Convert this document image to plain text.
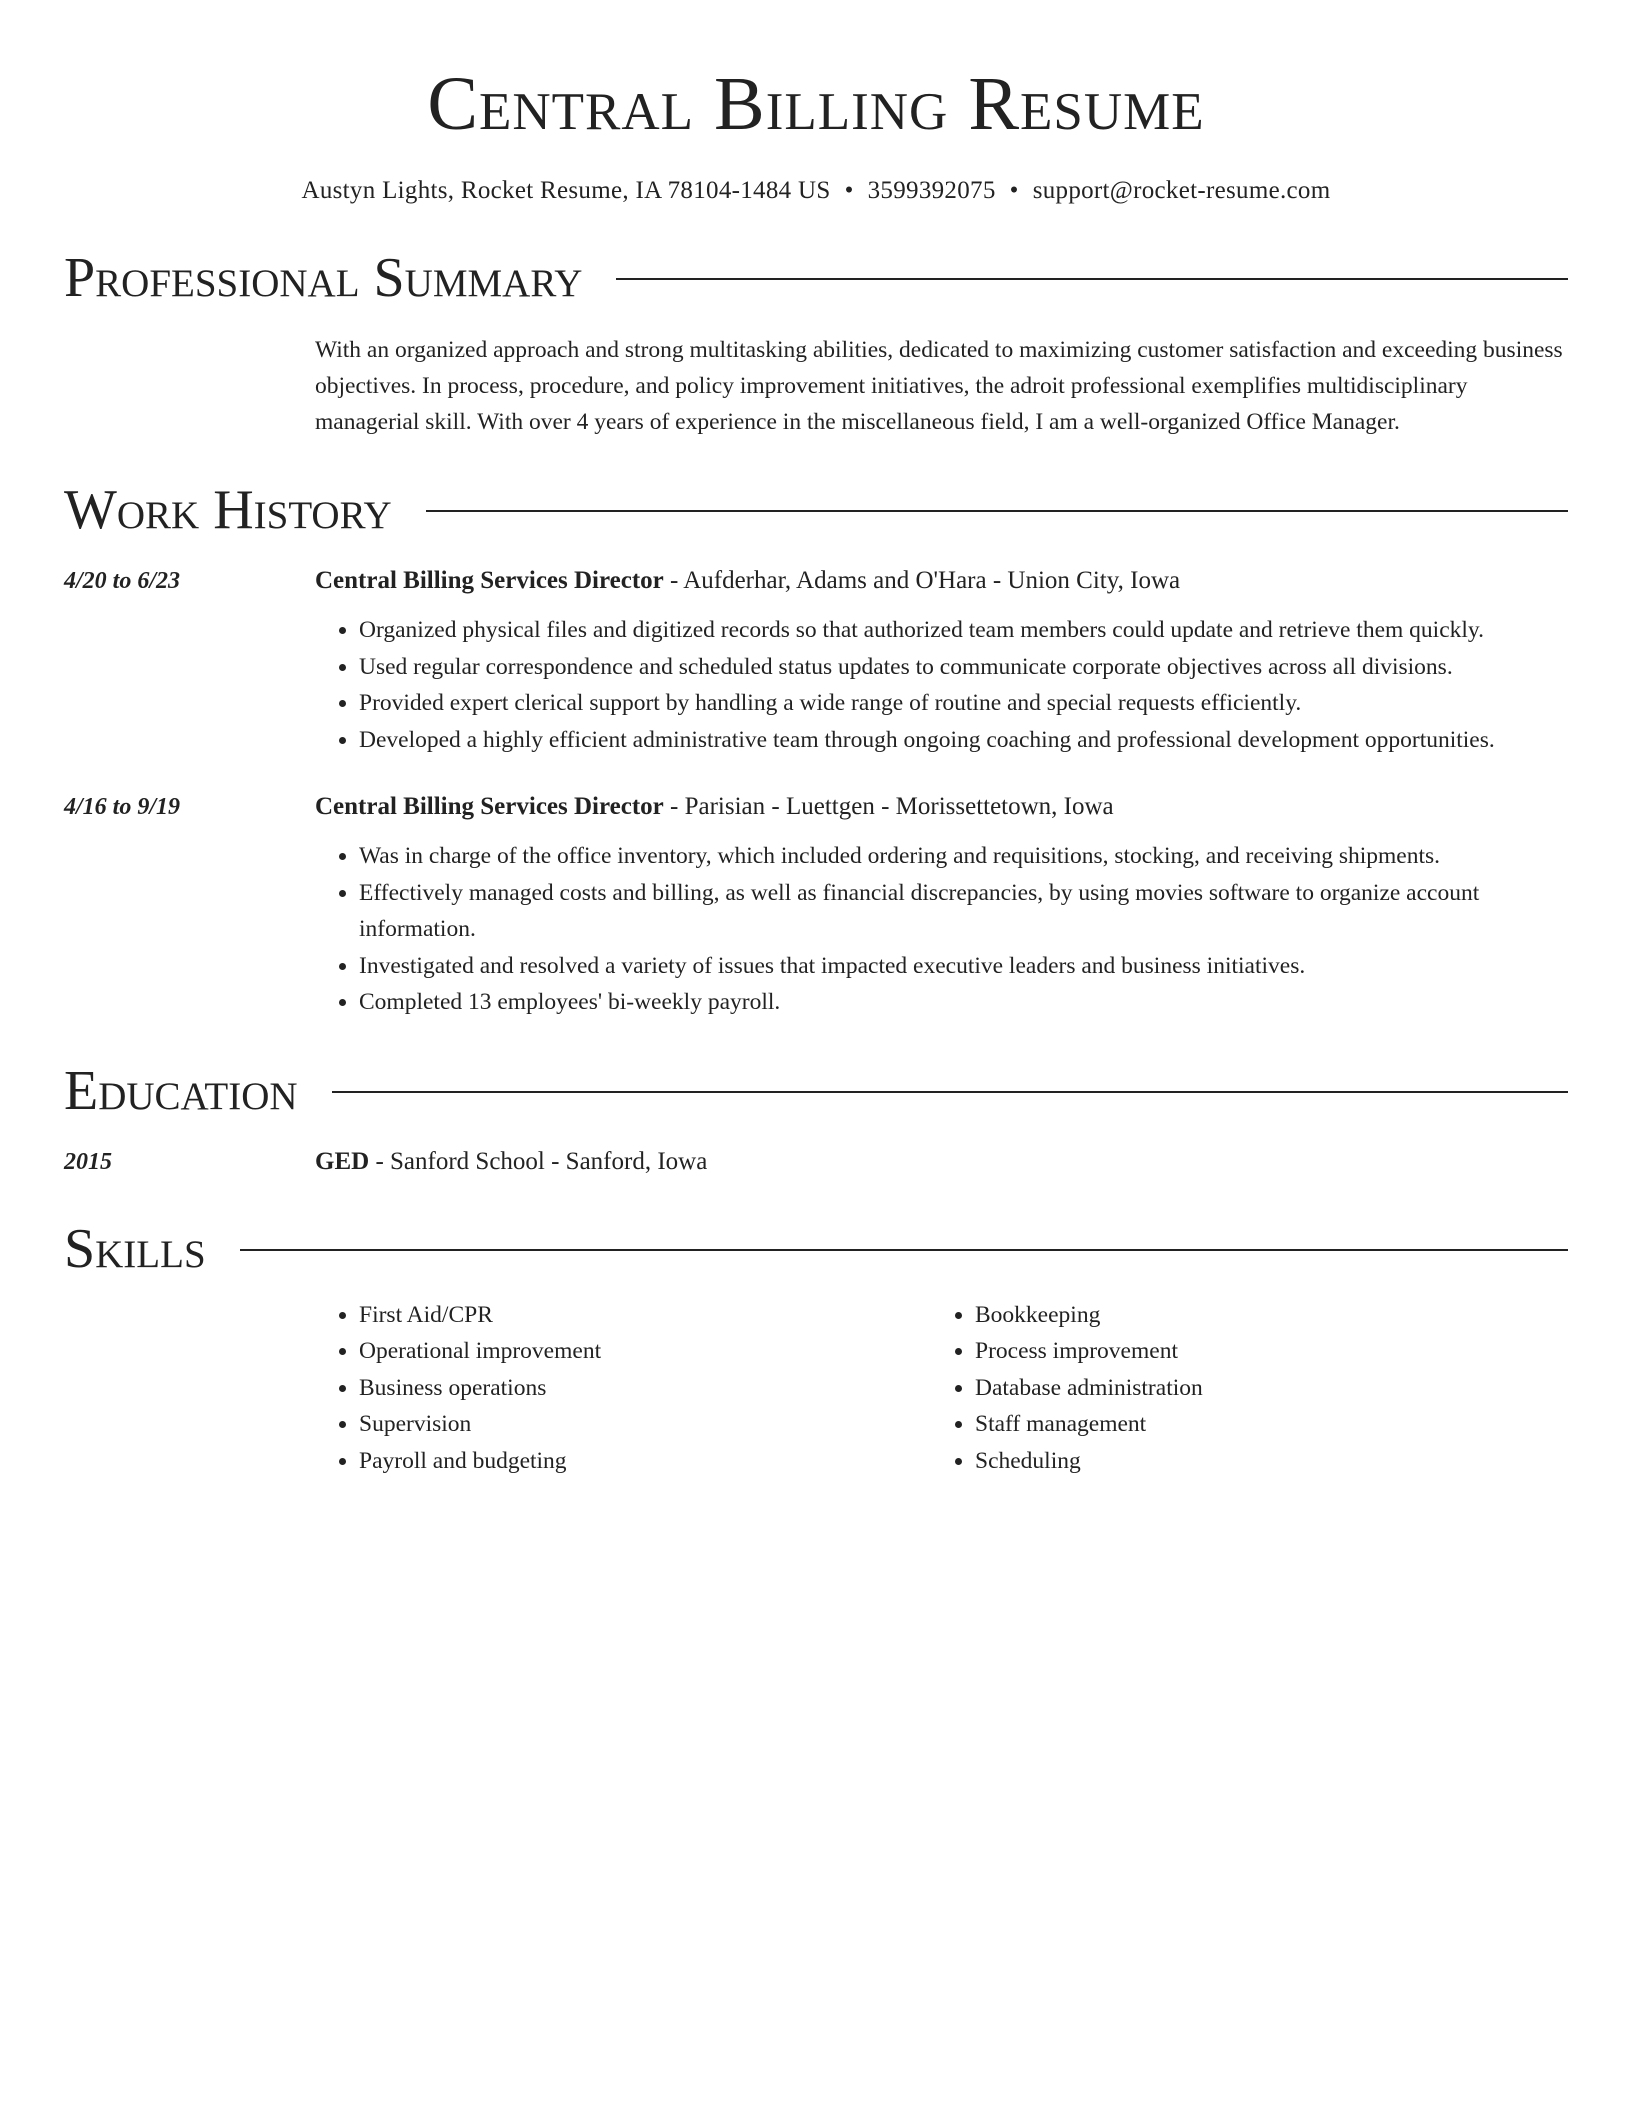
Central Billing Resume
Austyn Lights, Rocket Resume, IA 78104-1484 US • 3599392075 • support@rocket-resume.com
Professional Summary
With an organized approach and strong multitasking abilities, dedicated to maximizing customer satisfaction and exceeding business objectives. In process, procedure, and policy improvement initiatives, the adroit professional exemplifies multidisciplinary managerial skill. With over 4 years of experience in the miscellaneous field, I am a well-organized Office Manager.
Work History
4/20 to 6/23	Central Billing Services Director - Aufderhar, Adams and O'Hara - Union City, Iowa
• Organized physical files and digitized records so that authorized team members could update and retrieve them quickly.
• Used regular correspondence and scheduled status updates to communicate corporate objectives across all divisions.
• Provided expert clerical support by handling a wide range of routine and special requests efficiently.
• Developed a highly efficient administrative team through ongoing coaching and professional development opportunities.
4/16 to 9/19	Central Billing Services Director - Parisian - Luettgen - Morissettetown, Iowa
• Was in charge of the office inventory, which included ordering and requisitions, stocking, and receiving shipments.
• Effectively managed costs and billing, as well as financial discrepancies, by using movies software to organize account information.
• Investigated and resolved a variety of issues that impacted executive leaders and business initiatives.
• Completed 13 employees' bi-weekly payroll.
Education
2015	GED - Sanford School - Sanford, Iowa
Skills
• First Aid/CPR
• Operational improvement
• Business operations
• Supervision
• Payroll and budgeting
• Bookkeeping
• Process improvement
• Database administration
• Staff management
• Scheduling
